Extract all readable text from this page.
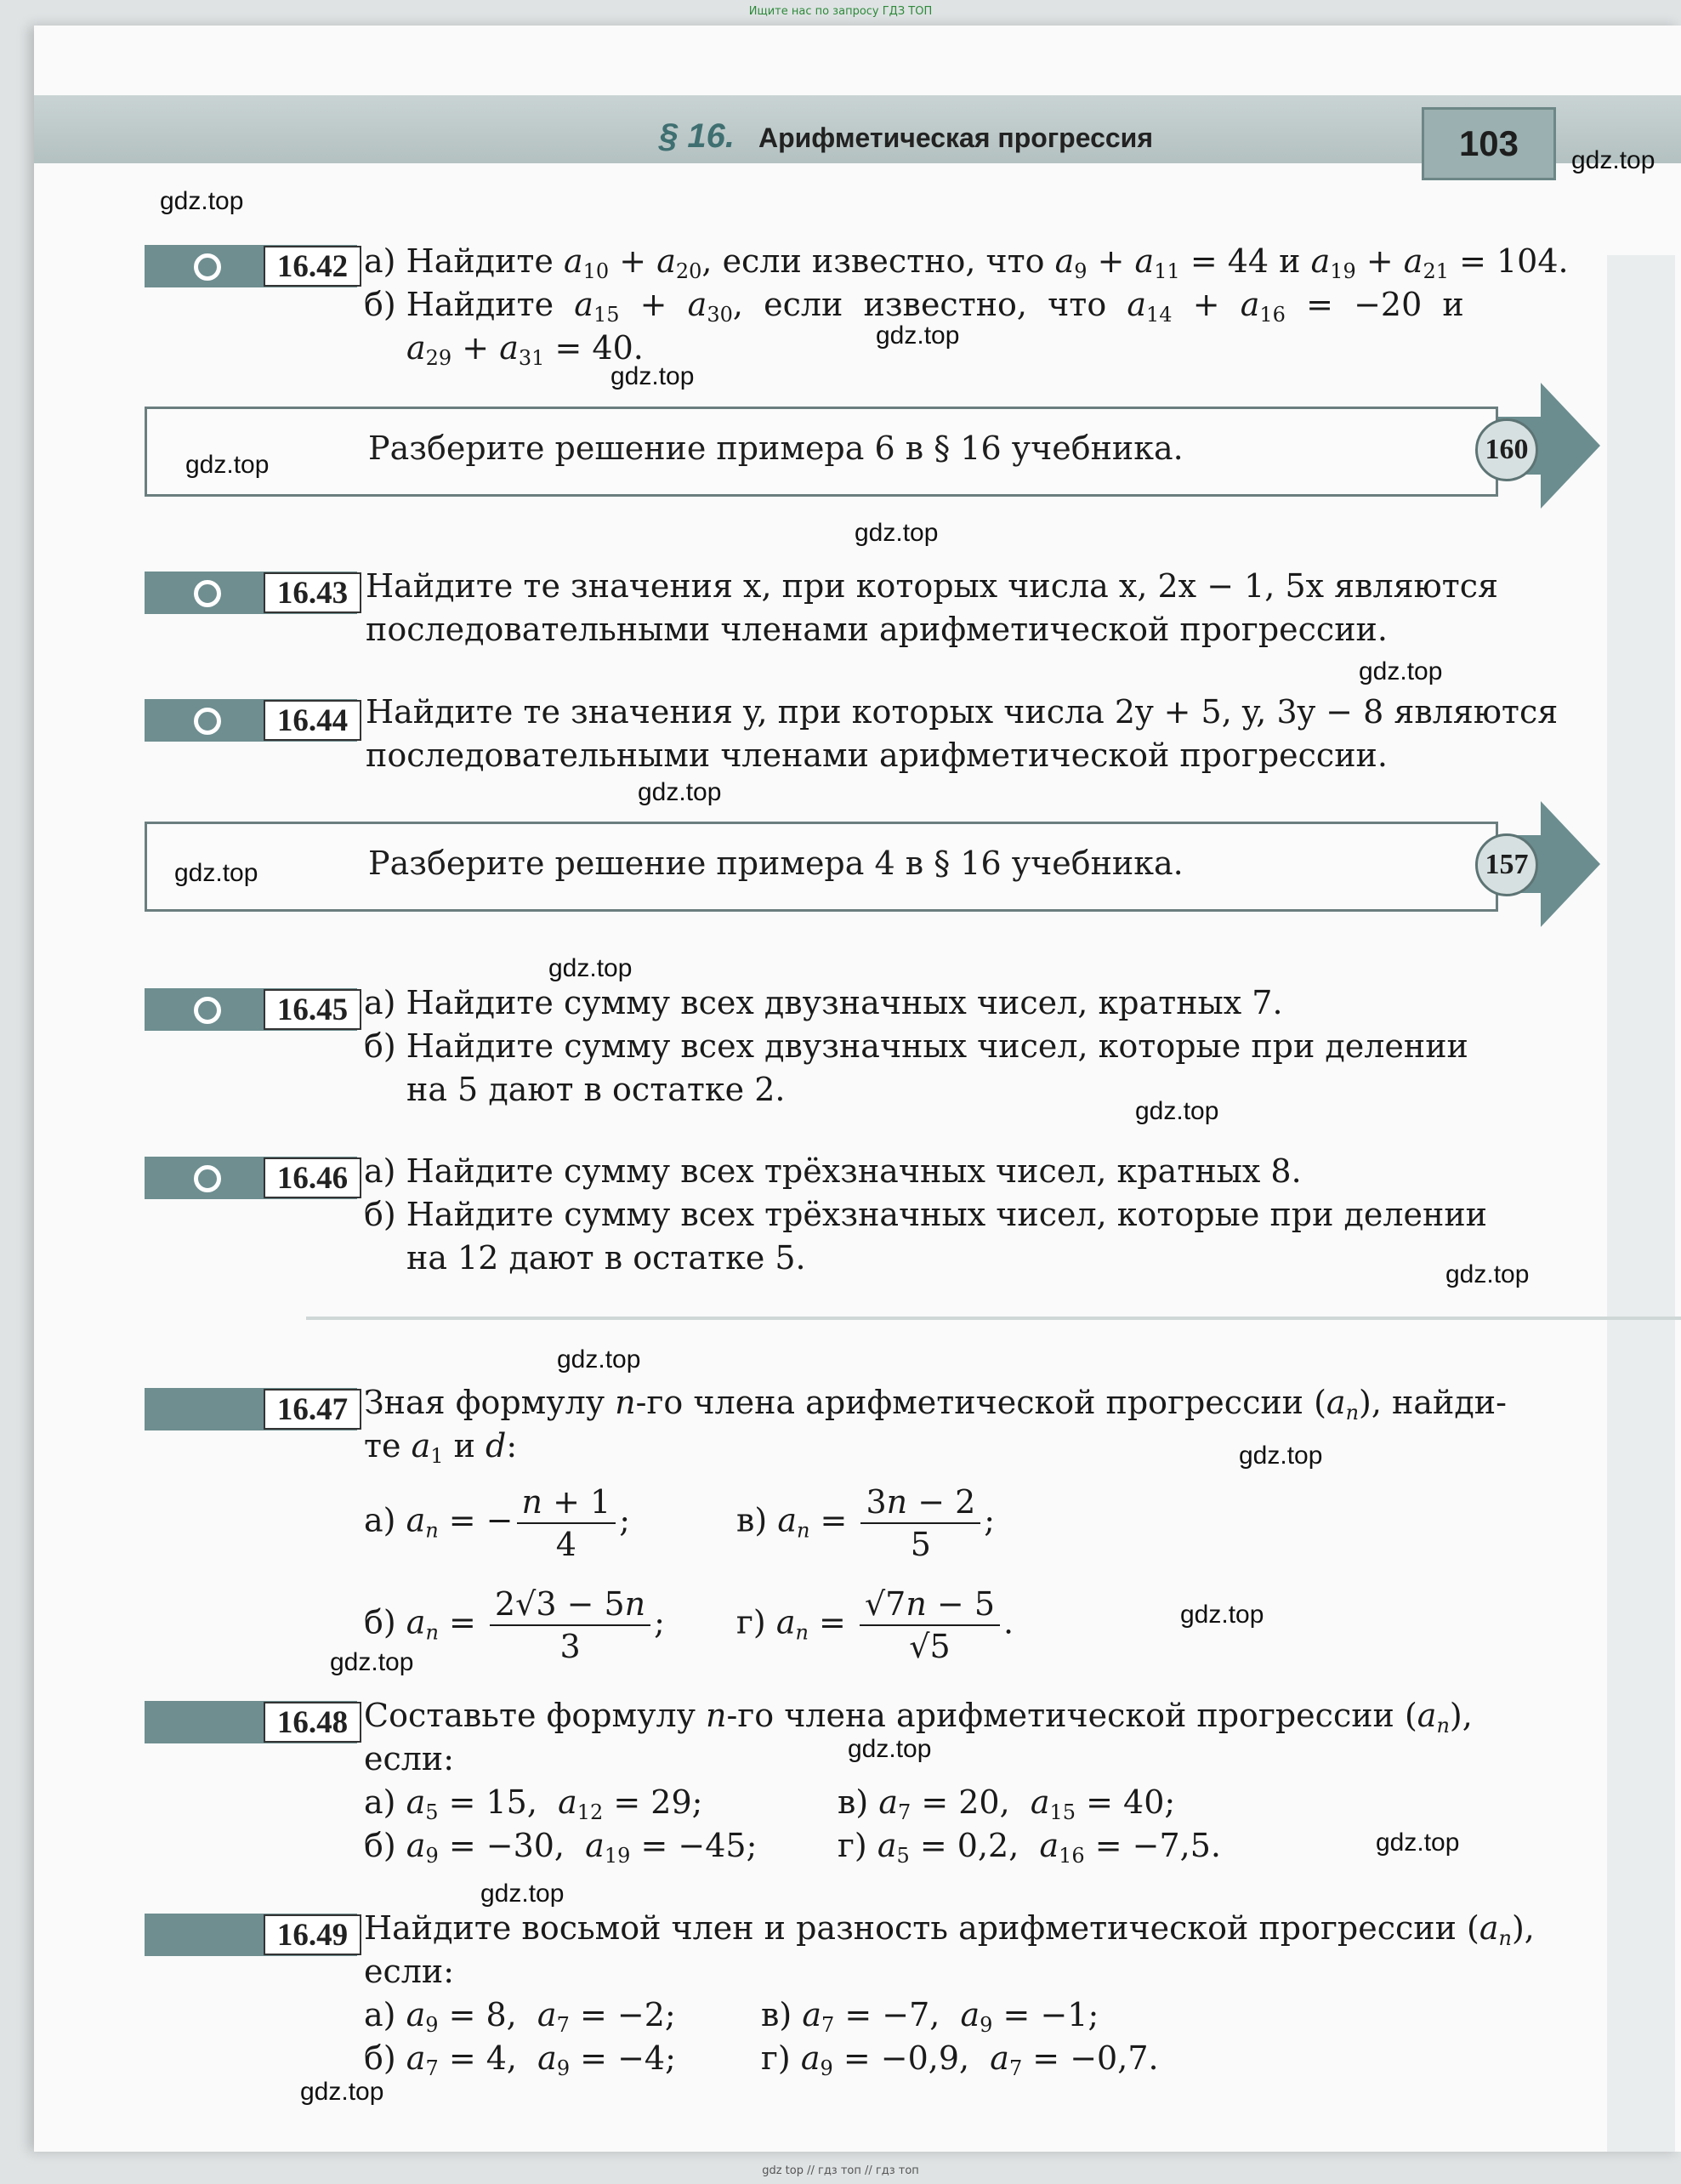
Ищите нас по запросу ГДЗ ТОП
§ 16. Арифметическая прогрессия	103
16.42 а) Найдите $a_{10} + a_{20}$, если известно, что $a_9 + a_{11} = 44$ и $a_{19} + a_{21} = 104$.
б) Найдите  $a_{15} + a_{30}$,  если  известно,  что  $a_{14} + a_{16} = -20$  и
$a_{29} + a_{31} = 40$.
Разберите решение примера 6 в § 16 учебника.	160
16.43 Найдите те значения x, при которых числа x, 2x − 1, 5x являются
последовательными членами арифметической прогрессии.
16.44 Найдите те значения y, при которых числа 2y + 5, y, 3y − 8 являются
последовательными членами арифметической прогрессии.
Разберите решение примера 4 в § 16 учебника.	157
16.45 а) Найдите сумму всех двузначных чисел, кратных 7.
б) Найдите сумму всех двузначных чисел, которые при делении
на 5 дают в остатке 2.
16.46 а) Найдите сумму всех трёхзначных чисел, кратных 8.
б) Найдите сумму всех трёхзначных чисел, которые при делении
на 12 дают в остатке 5.
16.47 Зная формулу n-го члена арифметической прогрессии $(a_n)$, найди-
те $a_1$ и d:
а) $a_n$ = − $\frac{n + 1}{4}$ ;	в) $a_n = \frac{3n - 2}{5}$ ;
б) $a_n = \frac{2√3 - 5n}{3}$ ; г) $a_n = \frac{√7n - 5}{√5}$ .
16.48 Составьте формулу n-го члена арифметической прогрессии $(a_n)$,
если:
а) $a_5 = 15$,  $a_{12} = 29$;	в) $a_7 = 20$,  $a_{15} = 40$;
б) $a_9 = -30$,  $a_{19} = -45$; г) $a_5 = 0,2$,  $a_{16} = -7,5$.
16.49 Найдите восьмой член и разность арифметической прогрессии $(a_n)$,
если:
а) $a_9 = 8$,  $a_7 = -2$;	в) $a_7 = -7$,  $a_9 = -1$;
б) $a_7 = 4$,  $a_9 = -4$;	г) $a_9 = -0,9$,  $a_7 = -0,7$.
gdz.top
gdz.top
gdz.top
gdz.top
gdz.top
gdz.top
gdz.top
gdz.top
gdz.top
gdz.top
gdz.top
gdz.top
gdz.top
gdz.top
gdz.top
gdz.top
gdz.top
gdz.top
gdz.top
gdz.top
gdz top // гдз топ // гдз топ
